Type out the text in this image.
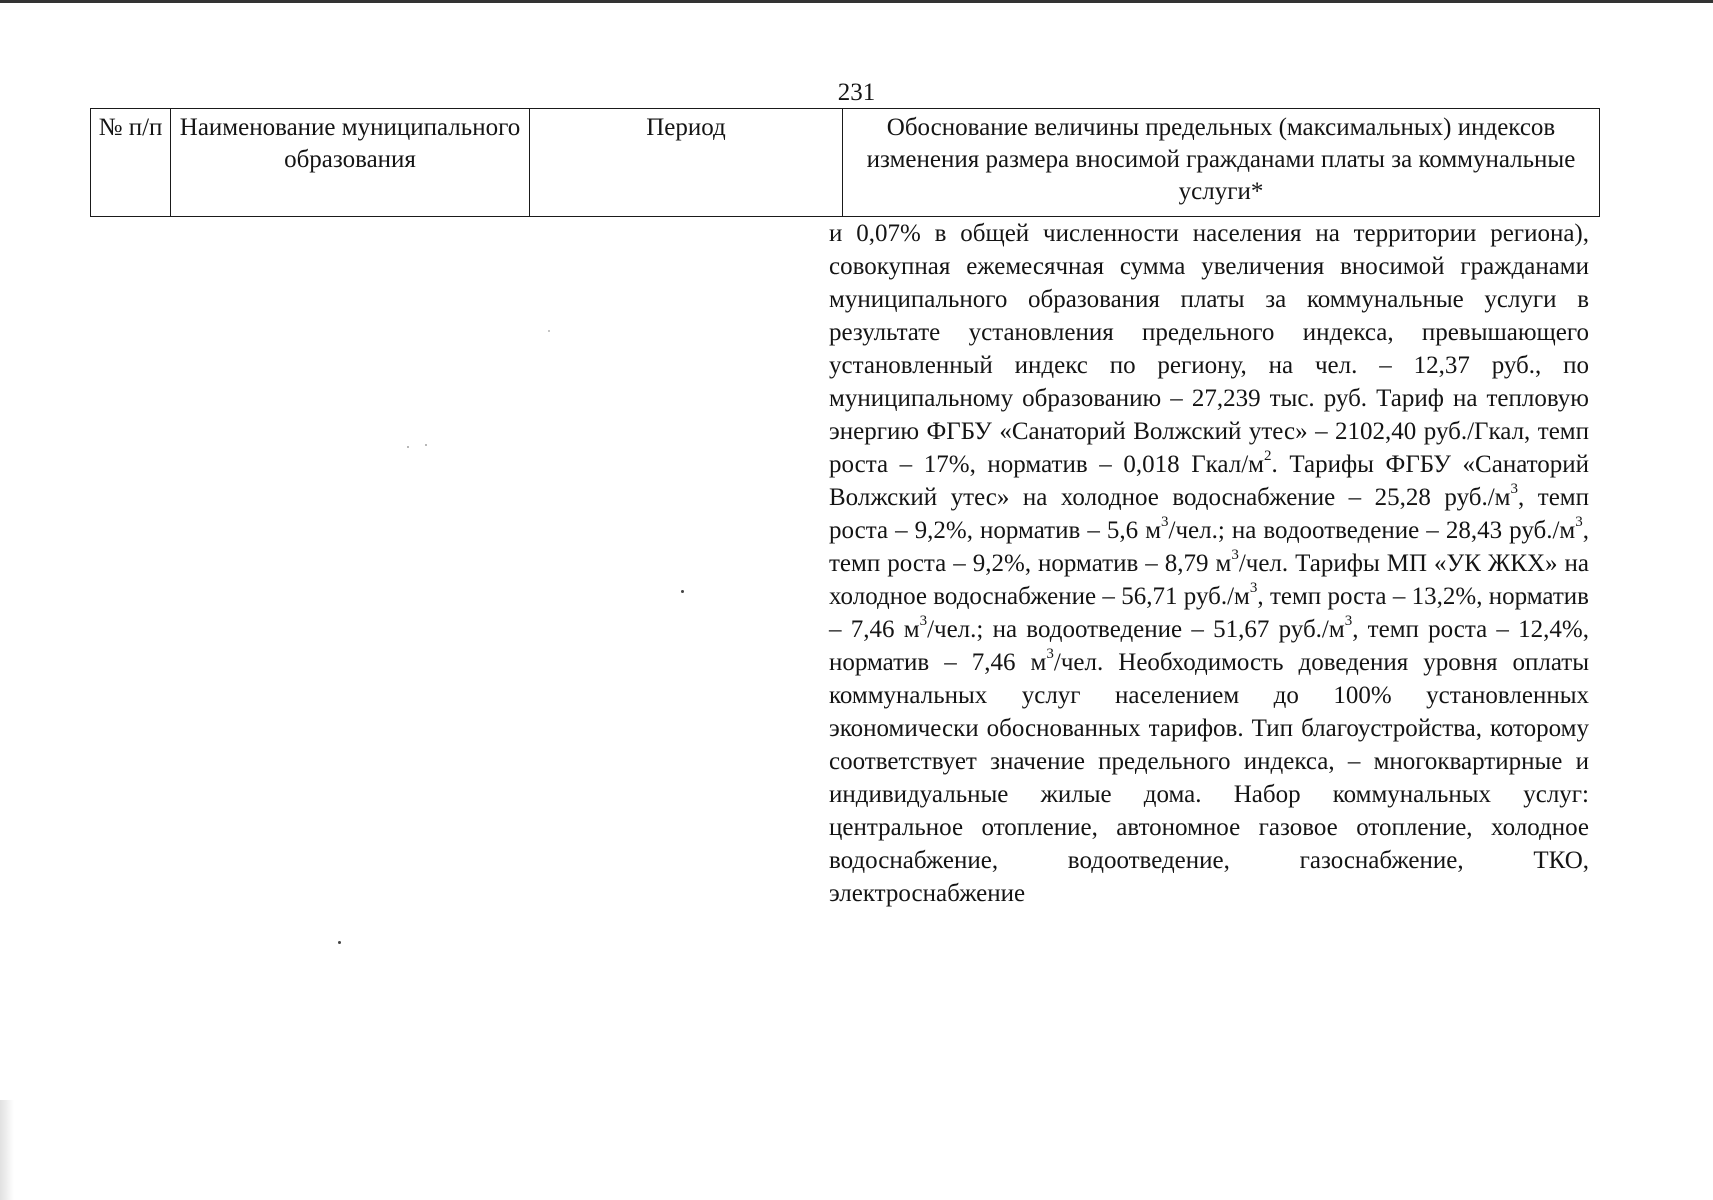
231
№ п/п	Наименование муниципального образования	Период	Обоснование величины предельных (максимальных) индексов изменения размера вносимой гражданами платы за коммунальные услуги*
и 0,07% в общей численности населения на территории региона), совокупная ежемесячная сумма увеличения вносимой гражданами муниципального образования платы за коммунальные услуги в результате установления предельного индекса, превышающего установленный индекс по региону, на чел. – 12,37 руб., по муниципальному образованию – 27,239 тыс. руб. Тариф на тепловую энергию ФГБУ «Санаторий Волжский утес» – 2102,40 руб./Гкал, темп роста – 17%, норматив – 0,018 Гкал/$м^2$. Тарифы ФГБУ «Санаторий Волжский утес» на холодное водоснабжение – 25,28 $руб./м^3$, темп роста – 9,2%, норматив – 5,6 $м^3$/чел.; на водоотведение – 28,43 $руб./м^3$, темп роста – 9,2%, норматив – 8,79 $м^3$/чел. Тарифы МП «УК ЖКХ» на холодное водоснабжение – 56,71 $руб./м^3$, темп роста – 13,2%, норматив – 7,46 $м^3$/чел.; на водоотведение – 51,67 $руб./м^3$, темп роста – 12,4%, норматив – 7,46 $м^3$/чел. Необходимость доведения уровня оплаты коммунальных услуг населением до 100% установленных экономически обоснованных тарифов. Тип благоустройства, которому соответствует значение предельного индекса, – многоквартирные и индивидуальные жилые дома. Набор коммунальных услуг: центральное отопление, автономное газовое отопление, холодное водоснабжение, водоотведение, газоснабжение, ТКО, электроснабжение
